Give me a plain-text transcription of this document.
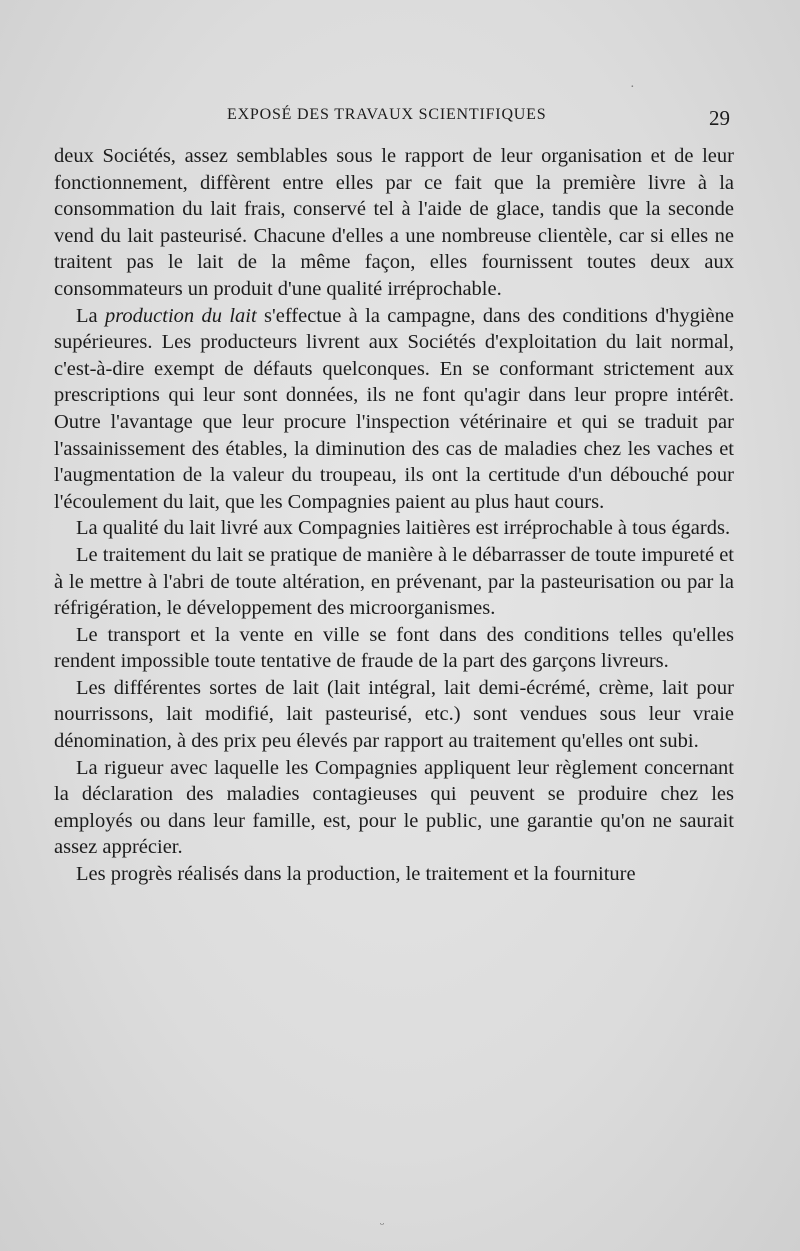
EXPOSÉ DES TRAVAUX SCIENTIFIQUES	29

deux Sociétés, assez semblables sous le rapport de leur organisation et de leur fonctionnement, diffèrent entre elles par ce fait que la première livre à la consommation du lait frais, conservé tel à l'aide de glace, tandis que la seconde vend du lait pasteurisé. Chacune d'elles a une nombreuse clientèle, car si elles ne traitent pas le lait de la même façon, elles fournissent toutes deux aux consommateurs un produit d'une qualité irréprochable.

La production du lait s'effectue à la campagne, dans des conditions d'hygiène supérieures. Les producteurs livrent aux Sociétés d'exploitation du lait normal, c'est-à-dire exempt de défauts quelconques. En se conformant strictement aux prescriptions qui leur sont données, ils ne font qu'agir dans leur propre intérêt. Outre l'avantage que leur procure l'inspection vétérinaire et qui se traduit par l'assainissement des étables, la diminution des cas de maladies chez les vaches et l'augmentation de la valeur du troupeau, ils ont la certitude d'un débouché pour l'écoulement du lait, que les Compagnies paient au plus haut cours.

La qualité du lait livré aux Compagnies laitières est irréprochable à tous égards.

Le traitement du lait se pratique de manière à le débarrasser de toute impureté et à le mettre à l'abri de toute altération, en prévenant, par la pasteurisation ou par la réfrigération, le développement des microorganismes.

Le transport et la vente en ville se font dans des conditions telles qu'elles rendent impossible toute tentative de fraude de la part des garçons livreurs.

Les différentes sortes de lait (lait intégral, lait demi-écrémé, crème, lait pour nourrissons, lait modifié, lait pasteurisé, etc.) sont vendues sous leur vraie dénomination, à des prix peu élevés par rapport au traitement qu'elles ont subi.

La rigueur avec laquelle les Compagnies appliquent leur règlement concernant la déclaration des maladies contagieuses qui peuvent se produire chez les employés ou dans leur famille, est, pour le public, une garantie qu'on ne saurait assez apprécier.

Les progrès réalisés dans la production, le traitement et la fourniture

·
ᵕ
